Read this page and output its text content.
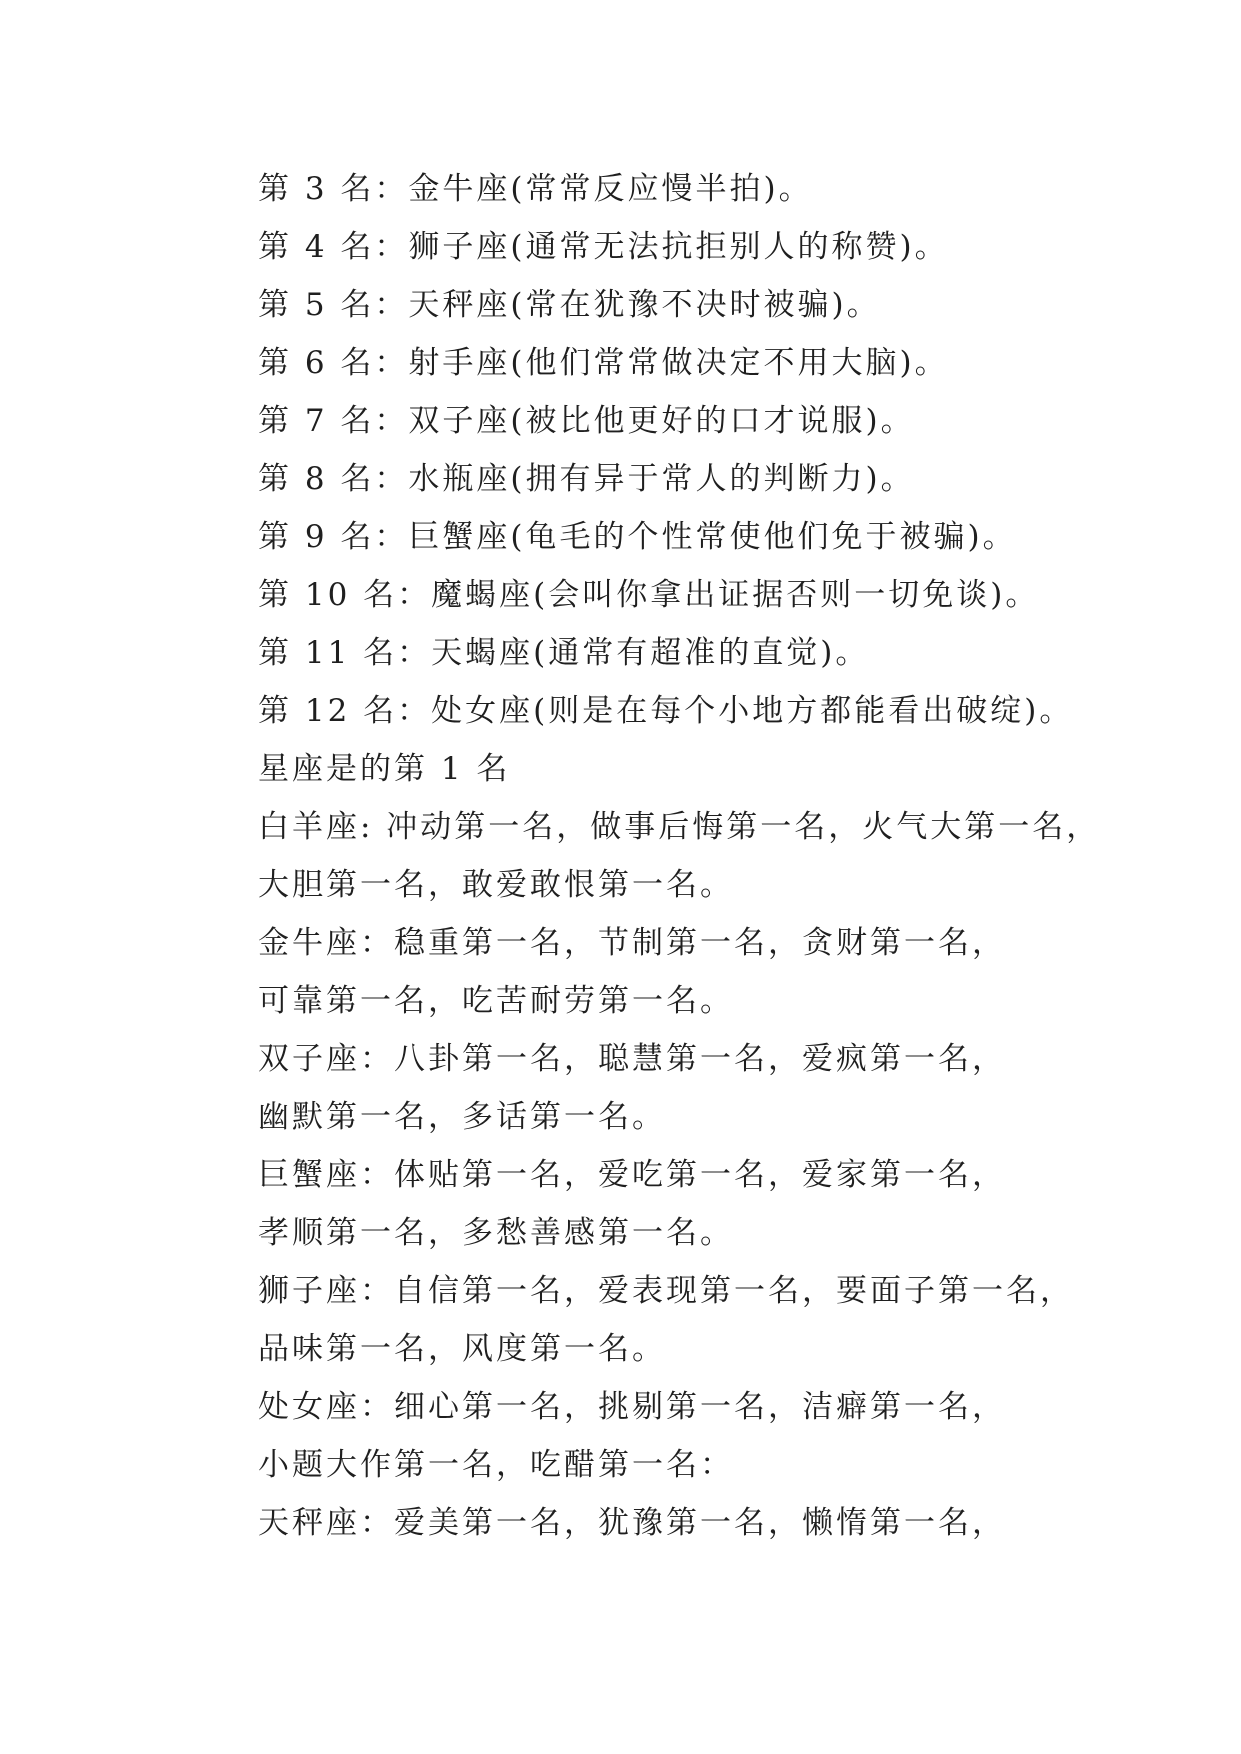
第 3 名：金牛座(常常反应慢半拍)。
第 4 名：狮子座(通常无法抗拒别人的称赞)。
第 5 名：天秤座(常在犹豫不决时被骗)。
第 6 名：射手座(他们常常做决定不用大脑)。
第 7 名：双子座(被比他更好的口才说服)。
第 8 名：水瓶座(拥有异于常人的判断力)。
第 9 名：巨蟹座(龟毛的个性常使他们免于被骗)。
第 10 名：魔蝎座(会叫你拿出证据否则一切免谈)。
第 11 名：天蝎座(通常有超准的直觉)。
第 12 名：处女座(则是在每个小地方都能看出破绽)。
星座是的第 1 名
白羊座: 冲动第一名，做事后悔第一名，火气大第一名，
大胆第一名，敢爱敢恨第一名。
金牛座：稳重第一名，节制第一名，贪财第一名，
可靠第一名，吃苦耐劳第一名。
双子座：八卦第一名，聪慧第一名，爱疯第一名，
幽默第一名，多话第一名。
巨蟹座：体贴第一名，爱吃第一名，爱家第一名，
孝顺第一名，多愁善感第一名。
狮子座：自信第一名，爱表现第一名，要面子第一名，
品味第一名，风度第一名。
处女座：细心第一名，挑剔第一名，洁癖第一名，
小题大作第一名，吃醋第一名：
天秤座：爱美第一名，犹豫第一名，懒惰第一名，
